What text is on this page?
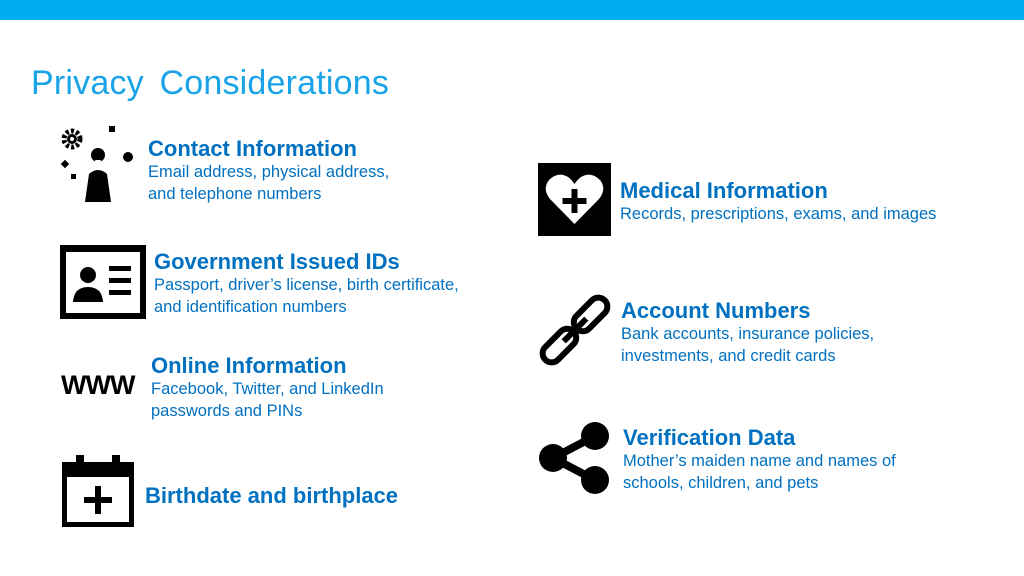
Privacy Considerations
Contact Information
Email address, physical address,
and telephone numbers
Government Issued IDs
Passport, driver’s license, birth certificate,
and identification numbers
WWW
Online Information
Facebook, Twitter, and LinkedIn
passwords and PINs
Birthdate and birthplace
Medical Information
Records, prescriptions, exams, and images
Account Numbers
Bank accounts, insurance policies,
investments, and credit cards
Verification Data
Mother’s maiden name and names of
schools, children, and pets
